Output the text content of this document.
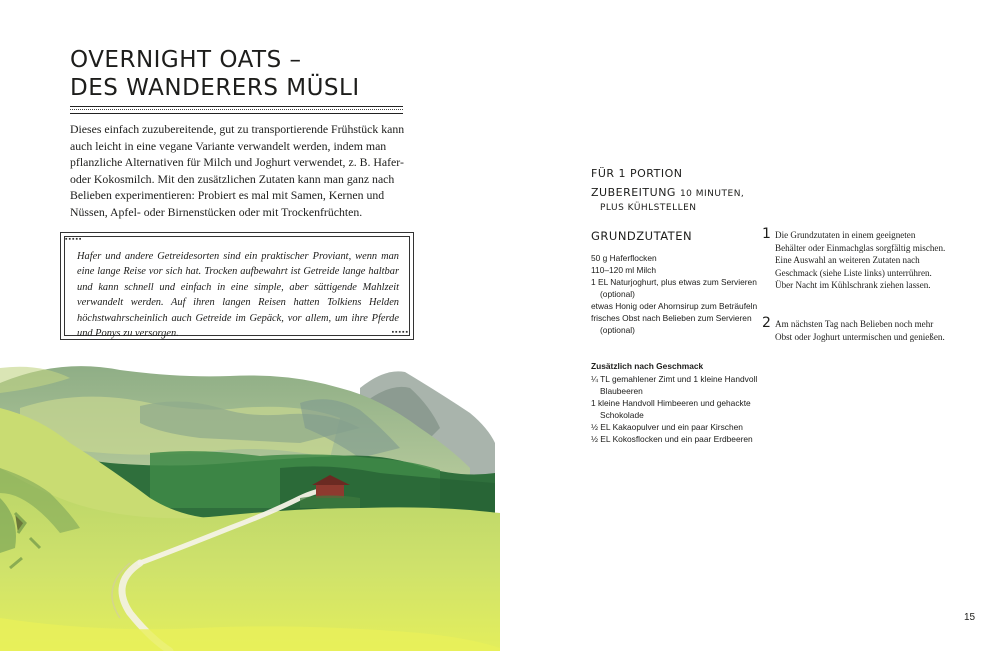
OVERNIGHT OATS –
DES WANDERERS MÜSLI

Dieses einfach zuzubereitende, gut zu transportierende Frühstück kann auch leicht in eine vegane Variante verwandelt werden, indem man pflanzliche Alternativen für Milch und Joghurt verwendet, z. B. Hafer- oder Kokosmilch. Mit den zusätzlichen Zutaten kann man ganz nach Belieben experimentieren: Probiert es mal mit Samen, Kernen und Nüssen, Apfel- oder Birnenstücken oder mit Trockenfrüchten.

▪▪▪▪▪
▪▪▪▪▪

Hafer und andere Getreidesorten sind ein praktischer Proviant, wenn man eine lange Reise vor sich hat. Trocken aufbewahrt ist Getreide lange haltbar und kann schnell und einfach in eine simple, aber sättigende Mahlzeit verwandelt werden. Auf ihren langen Reisen hatten Tolkiens Helden höchstwahrscheinlich auch Getreide im Gepäck, vor allem, um ihre Pferde und Ponys zu versorgen.

FÜR 1 PORTION
ZUBEREITUNG 10 MINUTEN,
PLUS KÜHLSTELLEN
GRUNDZUTATEN
50 g Haferflocken
110–120 ml Milch
1 EL Naturjoghurt, plus etwas zum Servieren (optional)
etwas Honig oder Ahornsirup zum Beträufeln
frisches Obst nach Belieben zum Servieren (optional)
Zusätzlich nach Geschmack
¼ TL gemahlener Zimt und 1 kleine Handvoll Blaubeeren
1 kleine Handvoll Himbeeren und gehackte Schokolade
½ EL Kakaopulver und ein paar Kirschen
½ EL Kokosflocken und ein paar Erdbeeren
1 Die Grundzutaten in einem geeigneten Behälter oder Einmachglas sorgfältig mischen. Eine Auswahl an weiteren Zutaten nach Geschmack (siehe Liste links) unterrühren. Über Nacht im Kühlschrank ziehen lassen.

2 Am nächsten Tag nach Belieben noch mehr Obst oder Joghurt untermischen und genießen.

15
